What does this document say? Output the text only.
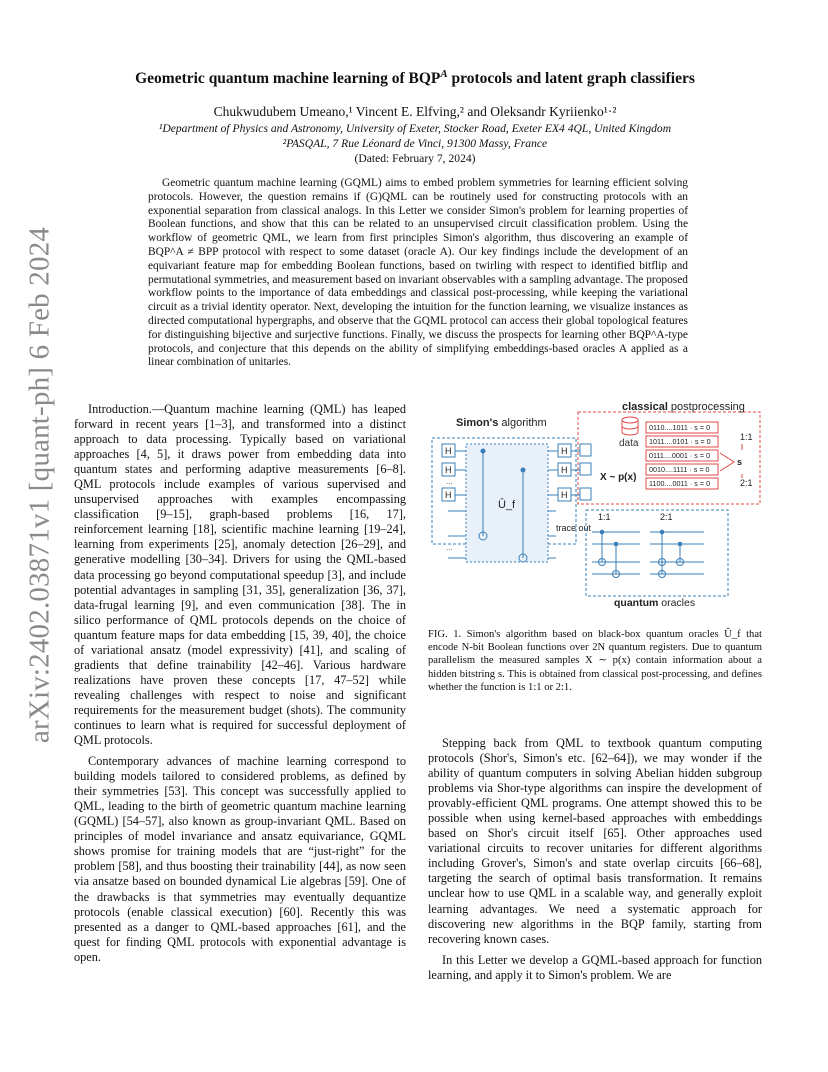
arXiv:2402.03871v1 [quant-ph] 6 Feb 2024
Geometric quantum machine learning of $BQP^A$ protocols and latent graph classifiers
Chukwudubem Umeano,¹ Vincent E. Elfving,² and Oleksandr Kyriienko¹·²
¹Department of Physics and Astronomy, University of Exeter, Stocker Road, Exeter EX4 4QL, United Kingdom
²PASQAL, 7 Rue Léonard de Vinci, 91300 Massy, France
(Dated: February 7, 2024)
Geometric quantum machine learning (GQML) aims to embed problem symmetries for learning efficient solving protocols. However, the question remains if (G)QML can be routinely used for constructing protocols with an exponential separation from classical analogs. In this Letter we consider Simon's problem for learning properties of Boolean functions, and show that this can be related to an unsupervised circuit classification problem. Using the workflow of geometric QML, we learn from first principles Simon's algorithm, thus discovering an example of BQP^A ≠ BPP protocol with respect to some dataset (oracle A). Our key findings include the development of an equivariant feature map for embedding Boolean functions, based on twirling with respect to identified bitflip and permutational symmetries, and measurement based on invariant observables with a sampling advantage. The proposed workflow points to the importance of data embeddings and classical post-processing, while keeping the variational circuit as a trivial identity operator. Next, developing the intuition for the function learning, we visualize instances as directed computational hypergraphs, and observe that the GQML protocol can access their global topological features for distinguishing bijective and surjective functions. Finally, we discuss the prospects for learning other BQP^A-type protocols, and conjecture that this depends on the ability of simplifying embeddings-based oracles A applied as a linear combination of unitaries.

Introduction.—Quantum machine learning (QML) has leaped forward in recent years [1–3], and transformed into a distinct approach to data processing. Typically based on variational approaches [4, 5], it draws power from embedding data into quantum states and performing adaptive measurements [6–8]. QML protocols include examples of various supervised and unsupervised approaches with examples encompassing classification [9–15], graph-based problems [16, 17], reinforcement learning [18], scientific machine learning [19–24], learning from experiments [25], anomaly detection [26–29], and generative modelling [30–34]. Drivers for using the QML-based data processing go beyond computational speedup [3], and include potential advantages in sampling [31, 35], generalization [36, 37], data-frugal learning [9], and even communication [38]. The in silico performance of QML protocols depends on the choice of quantum feature maps for data embedding [15, 39, 40], the choice of variational ansatz (model expressivity) [41], and scaling of gradients that define trainability [42–46]. Various hardware realizations have proven these concepts [17, 47–52] while revealing challenges with respect to noise and significant requirements for the measurement budget (shots). The community continues to learn what is required for successful deployment of QML protocols.

Contemporary advances of machine learning correspond to building models tailored to considered problems, as defined by their symmetries [53]. This concept was successfully applied to QML, leading to the birth of geometric quantum machine learning (GQML) [54–57], also known as group-invariant QML. Based on principles of model invariance and ansatz equivariance, GQML shows promise for training models that are “just-right” for the problem [58], and thus boosting their trainability [44], as now seen via ansatze based on bounded dynamical Lie algebras [59]. One of the drawbacks is that symmetries may eventually dequantize protocols (enable classical execution) [60]. Recently this was presented as a danger to QML-based approaches [61], and the quest for finding QML protocols with exponential advantage is open.

classical postprocessing
data
0110....1011 · s = 0
1011....0101 · s = 0
0111....0001 · s = 0
0010....1111 · s = 0
1100....0011 · s = 0
X ~ p(x)
s
1:1
2:1
Simon's algorithm
H
H
H
H
H
H
Û_f
...
...
trace out
1:1	2:1
quantum oracles
FIG. 1. Simon's algorithm based on black-box quantum oracles Û_f that encode N-bit Boolean functions over 2N quantum registers. Due to quantum parallelism the measured samples X ∼ p(x) contain information about a hidden bitstring s. This is obtained from classical post-processing, and defines whether the function is 1:1 or 2:1.

Stepping back from QML to textbook quantum computing protocols (Shor's, Simon's etc. [62–64]), we may wonder if the ability of quantum computers in solving Abelian hidden subgroup problems via Shor-type algorithms can inspire the development of provably-efficient QML programs. One attempt showed this to be possible when using kernel-based approaches with embeddings based on Shor's circuit itself [65]. Other approaches used variational circuits to recover unitaries for different algorithms including Grover's, Simon's and state overlap circuits [66–68], targeting the search of optimal basis transformation. It remains unclear how to use QML in a scalable way, and generally exploit learning advantages. We need a systematic approach for discovering new algorithms in the BQP family, starting from recovering known cases.

In this Letter we develop a GQML-based approach for function learning, and apply it to Simon's problem. We are
